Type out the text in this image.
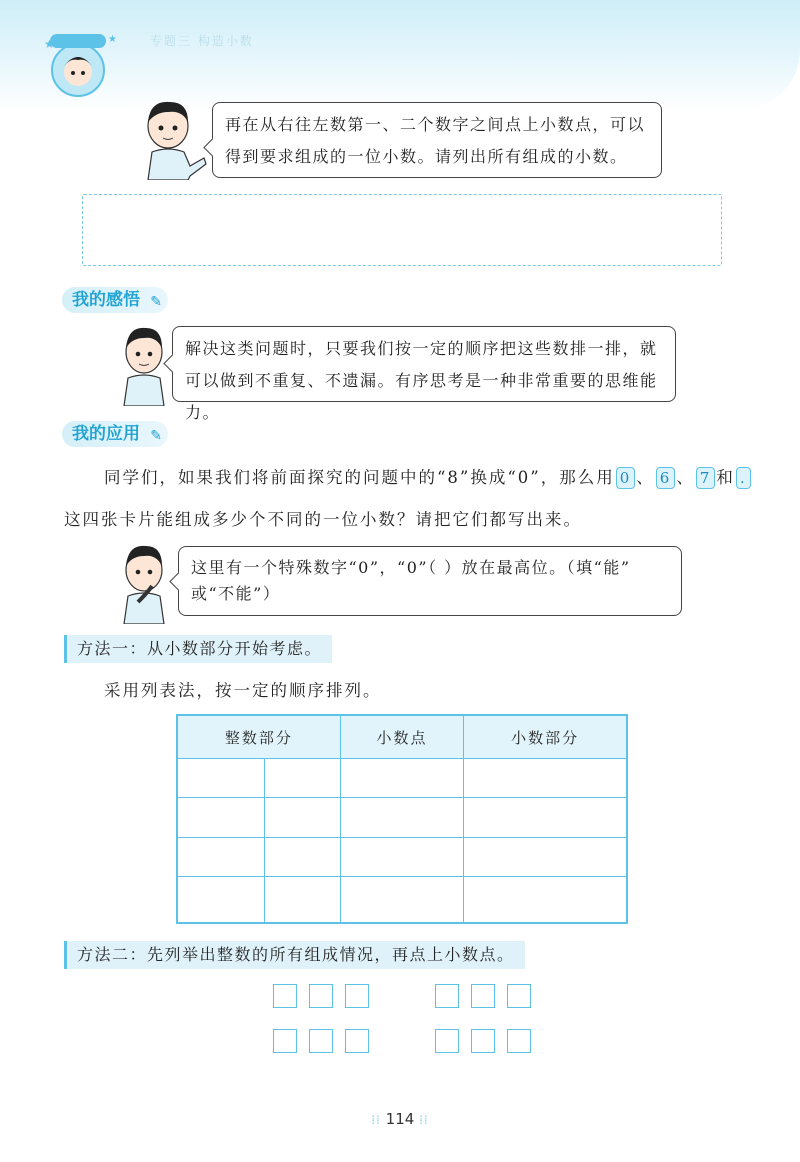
★	★	专题三 构造小数
再在从右往左数第一、二个数字之间点上小数点，可以
得到要求组成的一位小数。请列出所有组成的小数。
我的感悟 ✎
解决这类问题时，只要我们按一定的顺序把这些数排一排，就
可以做到不重复、不遗漏。有序思考是一种非常重要的思维能力。
我的应用 ✎
同学们，如果我们将前面探究的问题中的“8”换成“0”，那么用 0 、 6 、 7 和 .
这四张卡片能组成多少个不同的一位小数？请把它们都写出来。
这里有一个特殊数字“0”，“0”（ ）放在最高位。（填“能”
或“不能”）
方法一：从小数部分开始考虑。
采用列表法，按一定的顺序排列。
整数部分		小数点	小数部分

方法二：先列举出整数的所有组成情况，再点上小数点。
⁞⁞ 114 ⁞⁞
